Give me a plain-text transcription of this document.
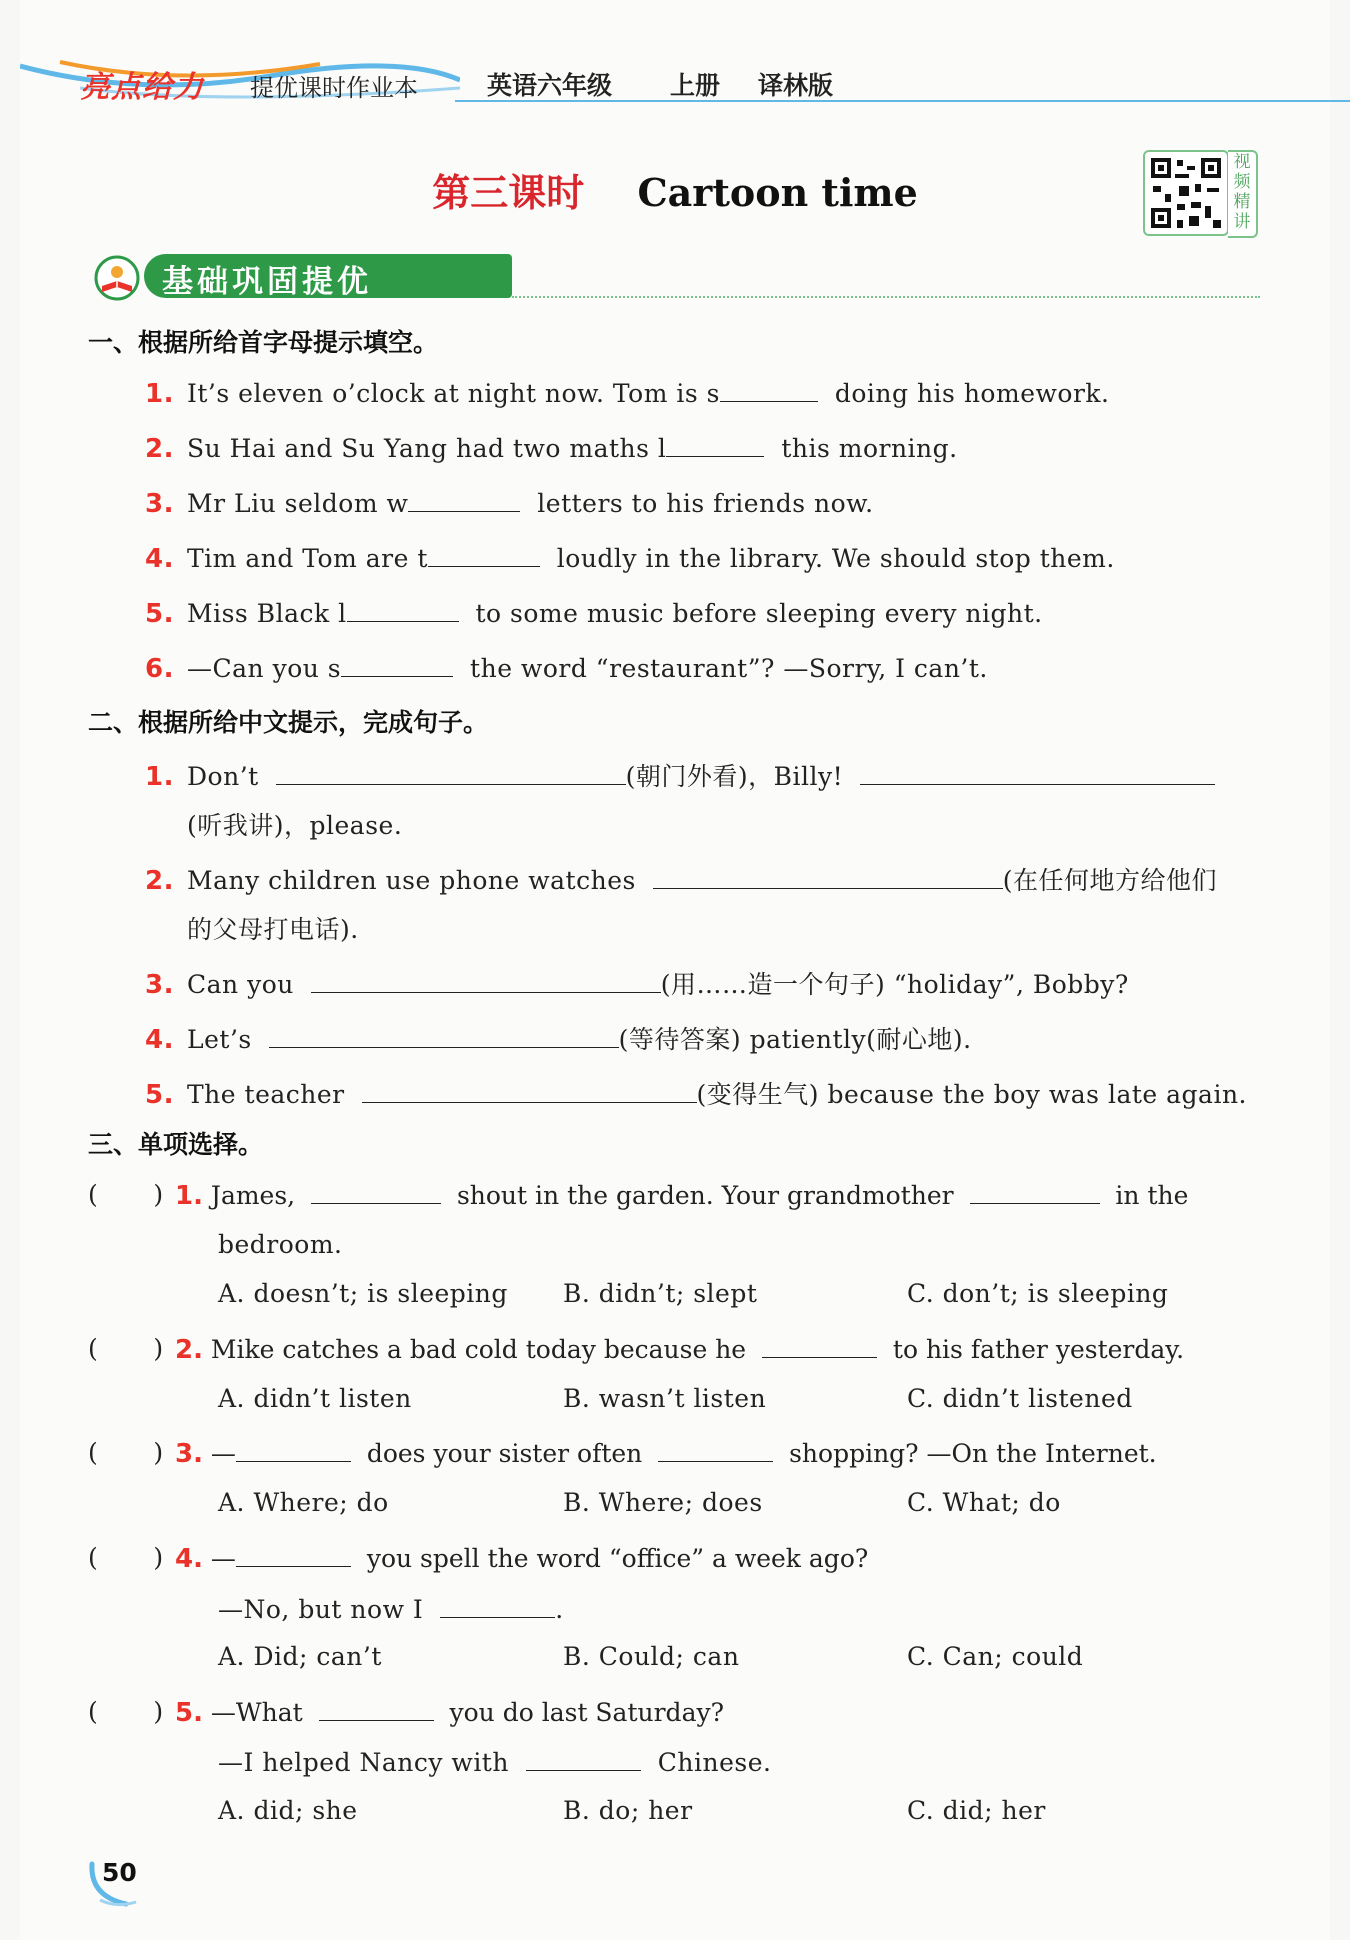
亮点给力 提优课时作业本	英语六年级 上册 译林版
第三课时 Cartoon time
视频精讲
基础巩固提优
一、根据所给首字母提示填空。
1. It’s eleven o’clock at night now. Tom is s	doing his homework.
2. Su Hai and Su Yang had two maths l	this morning.
3. Mr Liu seldom w	letters to his friends now.
4. Tim and Tom are t	loudly in the library. We should stop them.
5. Miss Black l	to some music before sleeping every night.
6. —Can you s	the word “restaurant”? —Sorry, I can’t.
二、根据所给中文提示，完成句子。
1. Don’t	(朝门外看)，Billy!
(听我讲)，please.
2. Many children use phone watches	(在任何地方给他们
的父母打电话).
3. Can you	(用……造一个句子) “holiday”, Bobby?
4. Let’s	(等待答案) patiently(耐心地).
5. The teacher	(变得生气) because the boy was late again.
三、单项选择。
(       ) 1. James,	shout in the garden. Your grandmother	in the
bedroom.
A. doesn’t; is sleeping B. didn’t; slept	C. don’t; is sleeping
(       ) 2. Mike catches a bad cold today because he	to his father yesterday.
A. didn’t listen	B. wasn’t listen	C. didn’t listened
(       ) 3. —	does your sister often	shopping? —On the Internet.
A. Where; do	B. Where; does	C. What; do
(       ) 4. —	you spell the word “office” a week ago?
—No, but now I	.
A. Did; can’t	B. Could; can	C. Can; could
(       ) 5. —What	you do last Saturday?
—I helped Nancy with	Chinese.
A. did; she	B. do; her	C. did; her
50
